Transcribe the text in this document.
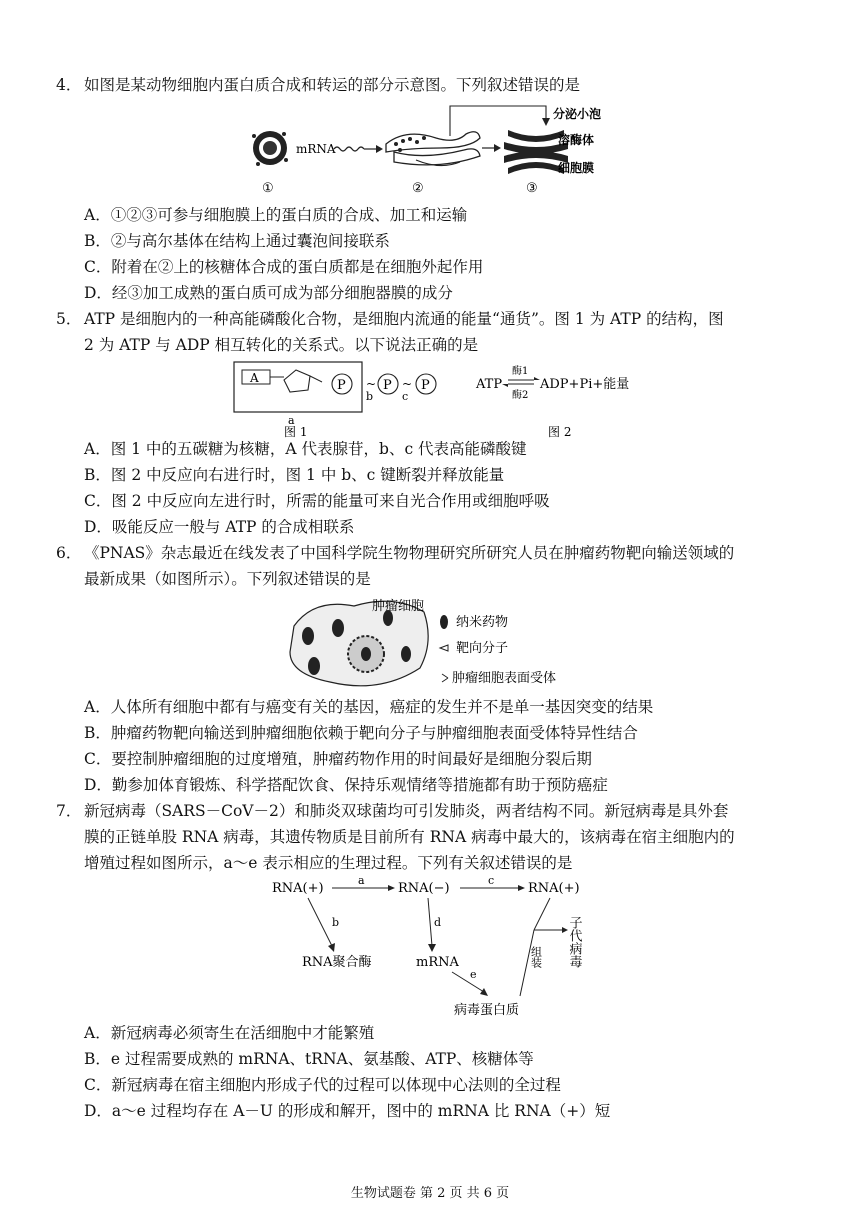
4． 如图是某动物细胞内蛋白质合成和转运的部分示意图。下列叙述错误的是
mRNA
分泌小泡
溶酶体
细胞膜
①	②	③
A．①②③可参与细胞膜上的蛋白质的合成、加工和运输
B．②与高尔基体在结构上通过囊泡间接联系
C．附着在②上的核糖体合成的蛋白质都是在细胞外起作用
D．经③加工成熟的蛋白质可成为部分细胞器膜的成分
5． ATP 是细胞内的一种高能磷酸化合物，是细胞内流通的能量“通货”。图 1 为 ATP 的结构，图
2 为 ATP 与 ADP 相互转化的关系式。以下说法正确的是
A	P ~
b
P ~
c
P
a
图 1
ATP
酶1
酶2
ADP+Pi+能量
图 2
A．图 1 中的五碳糖为核糖，A 代表腺苷，b、c 代表高能磷酸键
B．图 2 中反应向右进行时，图 1 中 b、c 键断裂并释放能量
C．图 2 中反应向左进行时，所需的能量可来自光合作用或细胞呼吸
D．吸能反应一般与 ATP 的合成相联系
6． 《PNAS》杂志最近在线发表了中国科学院生物物理研究所研究人员在肿瘤药物靶向输送领域的
最新成果（如图所示）。下列叙述错误的是
肿瘤细胞
纳米药物
靶向分子
肿瘤细胞表面受体
A．人体所有细胞中都有与癌变有关的基因，癌症的发生并不是单一基因突变的结果
B．肿瘤药物靶向输送到肿瘤细胞依赖于靶向分子与肿瘤细胞表面受体特异性结合
C．要控制肿瘤细胞的过度增殖，肿瘤药物作用的时间最好是细胞分裂后期
D．勤参加体育锻炼、科学搭配饮食、保持乐观情绪等措施都有助于预防癌症
7． 新冠病毒（SARS－CoV－2）和肺炎双球菌均可引发肺炎，两者结构不同。新冠病毒是具外套
膜的正链单股 RNA 病毒，其遗传物质是目前所有 RNA 病毒中最大的，该病毒在宿主细胞内的
增殖过程如图所示，a～e 表示相应的生理过程。下列有关叙述错误的是
RNA(+)
a
RNA(−)
c
RNA(+)
b
RNA聚合酶
d
mRNA
e
病毒蛋白质
组装 子代病毒
A．新冠病毒必须寄生在活细胞中才能繁殖
B．e 过程需要成熟的 mRNA、tRNA、氨基酸、ATP、核糖体等
C．新冠病毒在宿主细胞内形成子代的过程可以体现中心法则的全过程
D．a～e 过程均存在 A－U 的形成和解开，图中的 mRNA 比 RNA（+）短
生物试题卷 第 2 页 共 6 页
